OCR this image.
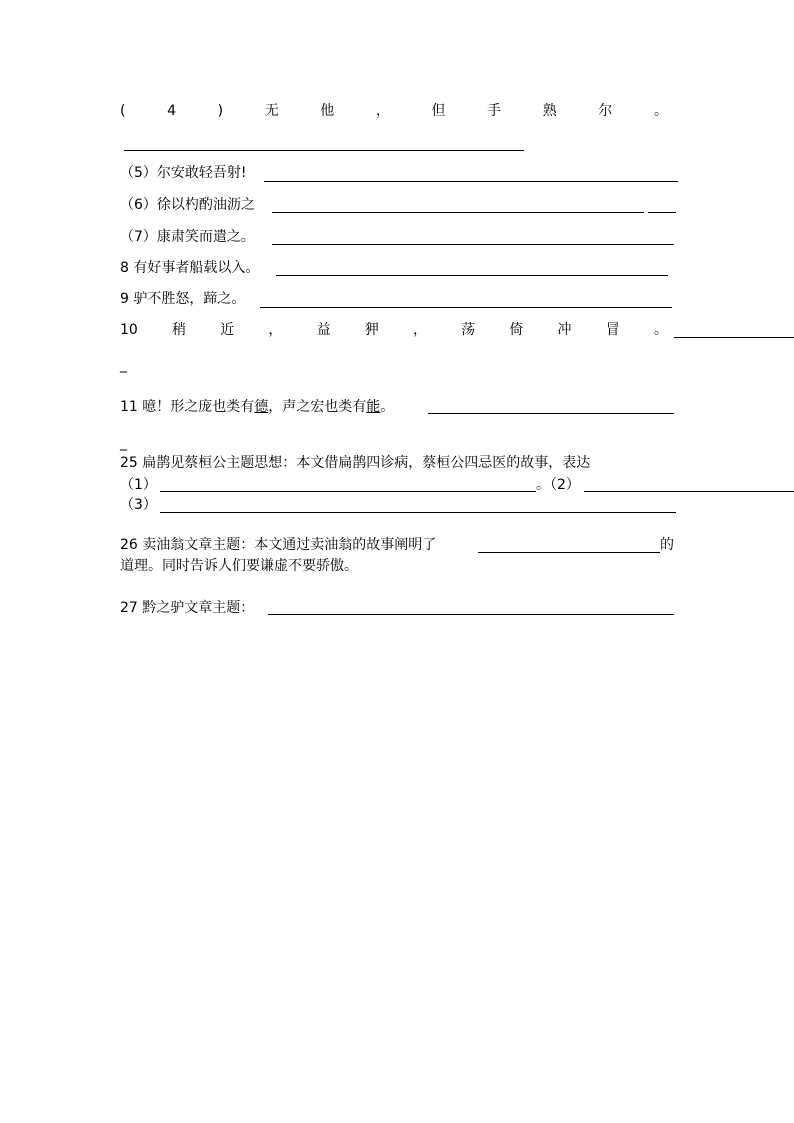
(	4	)	无	他	，	但	手	熟	尔	。
（5）尔安敢轻吾射!
（6）徐以杓酌油沥之
（7）康肃笑而遣之。
8 有好事者船载以入。
9 驴不胜怒，蹄之。
10 稍 近 ， 益 狎 ， 荡 倚 冲 冒 。
_
11 噫！形之庞也类有德，声之宏也类有能。
_
25 扁鹊见蔡桓公主题思想：本文借扁鹊四诊病，蔡桓公四忌医的故事，表达
（1）	。（2）
（3）
26 卖油翁文章主题：本文通过卖油翁的故事阐明了	的
道理。同时告诉人们要谦虚不要骄傲。
27 黔之驴文章主题：
